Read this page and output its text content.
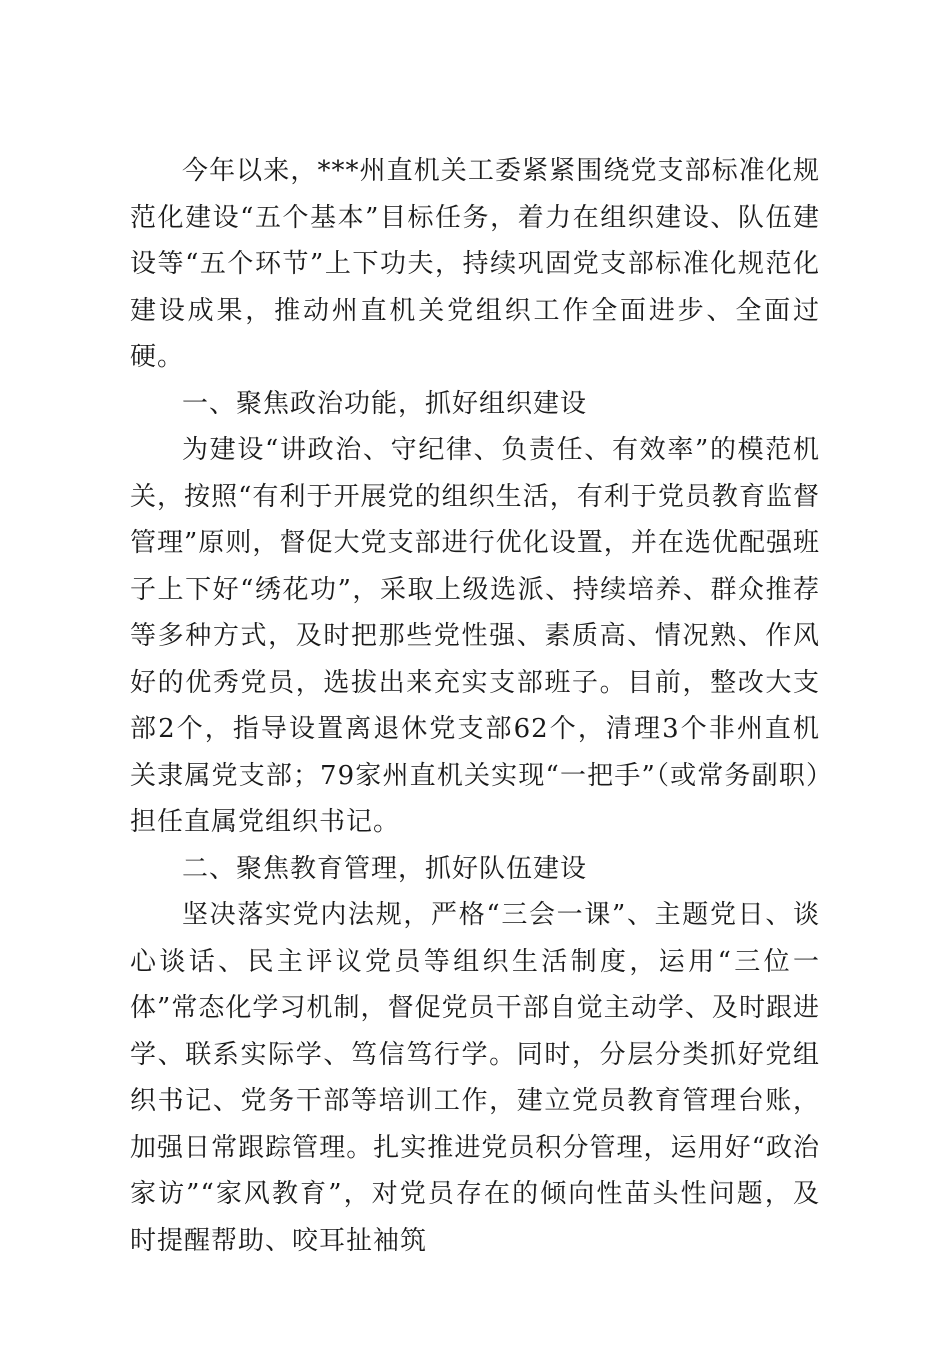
今年以来，***州直机关工委紧紧围绕党支部标准化规范化建设“五个基本”目标任务，着力在组织建设、队伍建设等“五个环节”上下功夫，持续巩固党支部标准化规范化建设成果，推动州直机关党组织工作全面进步、全面过硬。

一、聚焦政治功能，抓好组织建设

为建设“讲政治、守纪律、负责任、有效率”的模范机关，按照“有利于开展党的组织生活，有利于党员教育监督管理”原则，督促大党支部进行优化设置，并在选优配强班子上下好“绣花功”，采取上级选派、持续培养、群众推荐等多种方式，及时把那些党性强、素质高、情况熟、作风好的优秀党员，选拔出来充实支部班子。目前，整改大支部2个，指导设置离退休党支部62个，清理3个非州直机关隶属党支部；79家州直机关实现“一把手”（或常务副职）担任直属党组织书记。

二、聚焦教育管理，抓好队伍建设

坚决落实党内法规，严格“三会一课”、主题党日、谈心谈话、民主评议党员等组织生活制度，运用“三位一体”常态化学习机制，督促党员干部自觉主动学、及时跟进学、联系实际学、笃信笃行学。同时，分层分类抓好党组织书记、党务干部等培训工作，建立党员教育管理台账，加强日常跟踪管理。扎实推进党员积分管理，运用好“政治家访”“家风教育”，对党员存在的倾向性苗头性问题，及时提醒帮助、咬耳扯袖筑
